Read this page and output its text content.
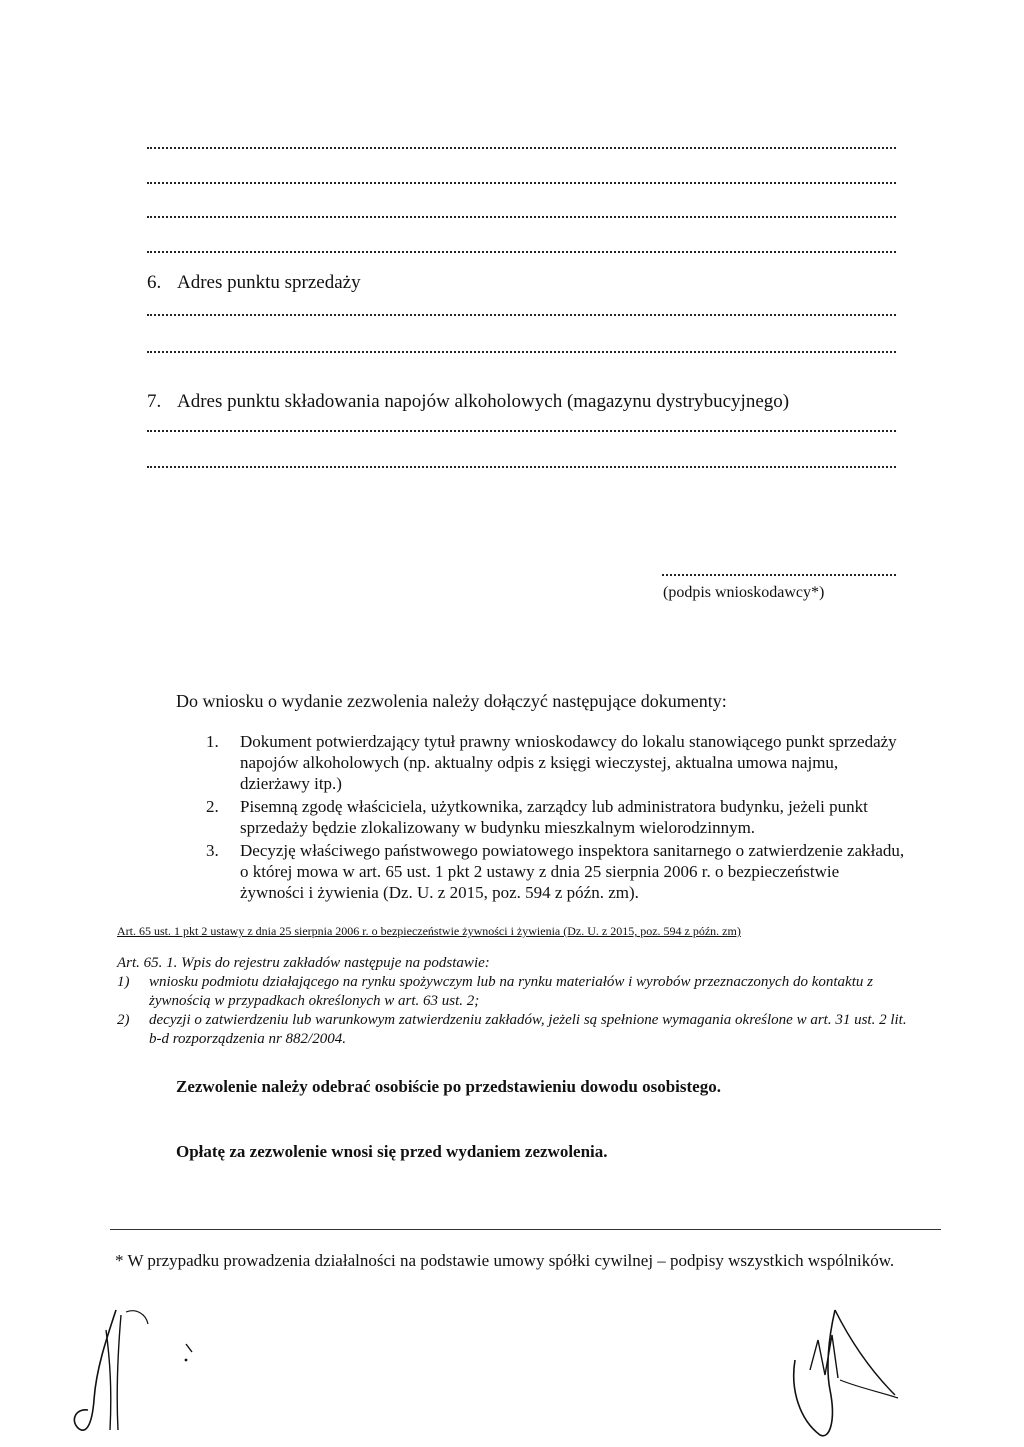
6. Adres punktu sprzedaży
7. Adres punktu składowania napojów alkoholowych (magazynu dystrybucyjnego)
(podpis wnioskodawcy*)
Do wniosku o wydanie zezwolenia należy dołączyć następujące dokumenty:
1. Dokument potwierdzający tytuł prawny wnioskodawcy do lokalu stanowiącego punkt sprzedaży napojów alkoholowych (np. aktualny odpis z księgi wieczystej, aktualna umowa najmu, dzierżawy itp.)
2. Pisemną zgodę właściciela, użytkownika, zarządcy lub administratora budynku, jeżeli punkt sprzedaży będzie zlokalizowany w budynku mieszkalnym wielorodzinnym.
3. Decyzję właściwego państwowego powiatowego inspektora sanitarnego o zatwierdzenie zakładu, o której mowa w art. 65 ust. 1 pkt 2 ustawy z dnia 25 sierpnia 2006 r. o bezpieczeństwie żywności i żywienia (Dz. U. z 2015, poz. 594 z późn. zm).
Art. 65 ust. 1 pkt 2 ustawy z dnia 25 sierpnia 2006 r. o bezpieczeństwie żywności i żywienia (Dz. U. z 2015, poz. 594 z późn. zm)
Art. 65. 1. Wpis do rejestru zakładów następuje na podstawie:
1) wniosku podmiotu działającego na rynku spożywczym lub na rynku materiałów i wyrobów przeznaczonych do kontaktu z żywnością w przypadkach określonych w art. 63 ust. 2;
2) decyzji o zatwierdzeniu lub warunkowym zatwierdzeniu zakładów, jeżeli są spełnione wymagania określone w art. 31 ust. 2 lit. b-d rozporządzenia nr 882/2004.
Zezwolenie należy odebrać osobiście po przedstawieniu dowodu osobistego.
Opłatę za zezwolenie wnosi się przed wydaniem zezwolenia.
* W przypadku prowadzenia działalności na podstawie umowy spółki cywilnej – podpisy wszystkich wspólników.
